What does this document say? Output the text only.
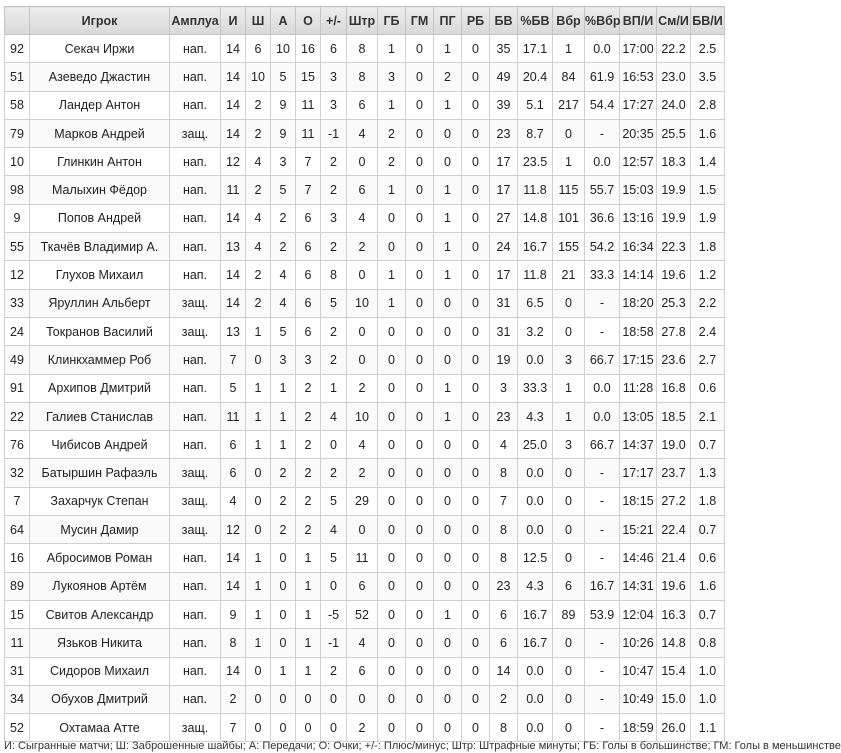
	Игрок	Амплуа	И	Ш	А	О	+/-	Штр	ГБ	ГМ	ПГ	РБ	БВ	%БВ	Вбр	%Вбр	ВП/И	См/И	БВ/И
92	Секач Иржи	нап.	14	6	10	16	6	8	1	0	1	0	35	17.1	1	0.0	17:00	22.2	2.5
51	Азеведо Джастин	нап.	14	10	5	15	3	8	3	0	2	0	49	20.4	84	61.9	16:53	23.0	3.5
58	Ландер Антон	нап.	14	2	9	11	3	6	1	0	1	0	39	5.1	217	54.4	17:27	24.0	2.8
79	Марков Андрей	защ.	14	2	9	11	-1	4	2	0	0	0	23	8.7	0	-	20:35	25.5	1.6
10	Глинкин Антон	нап.	12	4	3	7	2	0	2	0	0	0	17	23.5	1	0.0	12:57	18.3	1.4
98	Малыхин Фёдор	нап.	11	2	5	7	2	6	1	0	1	0	17	11.8	115	55.7	15:03	19.9	1.5
9	Попов Андрей	нап.	14	4	2	6	3	4	0	0	1	0	27	14.8	101	36.6	13:16	19.9	1.9
55	Ткачёв Владимир А.	нап.	13	4	2	6	2	2	0	0	1	0	24	16.7	155	54.2	16:34	22.3	1.8
12	Глухов Михаил	нап.	14	2	4	6	8	0	1	0	1	0	17	11.8	21	33.3	14:14	19.6	1.2
33	Яруллин Альберт	защ.	14	2	4	6	5	10	1	0	0	0	31	6.5	0	-	18:20	25.3	2.2
24	Токранов Василий	защ.	13	1	5	6	2	0	0	0	0	0	31	3.2	0	-	18:58	27.8	2.4
49	Клинкхаммер Роб	нап.	7	0	3	3	2	0	0	0	0	0	19	0.0	3	66.7	17:15	23.6	2.7
91	Архипов Дмитрий	нап.	5	1	1	2	1	2	0	0	1	0	3	33.3	1	0.0	11:28	16.8	0.6
22	Галиев Станислав	нап.	11	1	1	2	4	10	0	0	1	0	23	4.3	1	0.0	13:05	18.5	2.1
76	Чибисов Андрей	нап.	6	1	1	2	0	4	0	0	0	0	4	25.0	3	66.7	14:37	19.0	0.7
32	Батыршин Рафаэль	защ.	6	0	2	2	2	2	0	0	0	0	8	0.0	0	-	17:17	23.7	1.3
7	Захарчук Степан	защ.	4	0	2	2	5	29	0	0	0	0	7	0.0	0	-	18:15	27.2	1.8
64	Мусин Дамир	защ.	12	0	2	2	4	0	0	0	0	0	8	0.0	0	-	15:21	22.4	0.7
16	Абросимов Роман	нап.	14	1	0	1	5	11	0	0	0	0	8	12.5	0	-	14:46	21.4	0.6
89	Лукоянов Артём	нап.	14	1	0	1	0	6	0	0	0	0	23	4.3	6	16.7	14:31	19.6	1.6
15	Свитов Александр	нап.	9	1	0	1	-5	52	0	0	1	0	6	16.7	89	53.9	12:04	16.3	0.7
11	Язьков Никита	нап.	8	1	0	1	-1	4	0	0	0	0	6	16.7	0	-	10:26	14.8	0.8
31	Сидоров Михаил	нап.	14	0	1	1	2	6	0	0	0	0	14	0.0	0	-	10:47	15.4	1.0
34	Обухов Дмитрий	нап.	2	0	0	0	0	0	0	0	0	0	2	0.0	0	-	10:49	15.0	1.0
52	Охтамаа Атте	защ.	7	0	0	0	0	2	0	0	0	0	8	0.0	0	-	18:59	26.0	1.1
И: Сыгранные матчи; Ш: Заброшенные шайбы; А: Передачи; О: Очки; +/-: Плюс/минус; Штр: Штрафные минуты; ГБ: Голы в большинстве; ГМ: Голы в меньшинстве
